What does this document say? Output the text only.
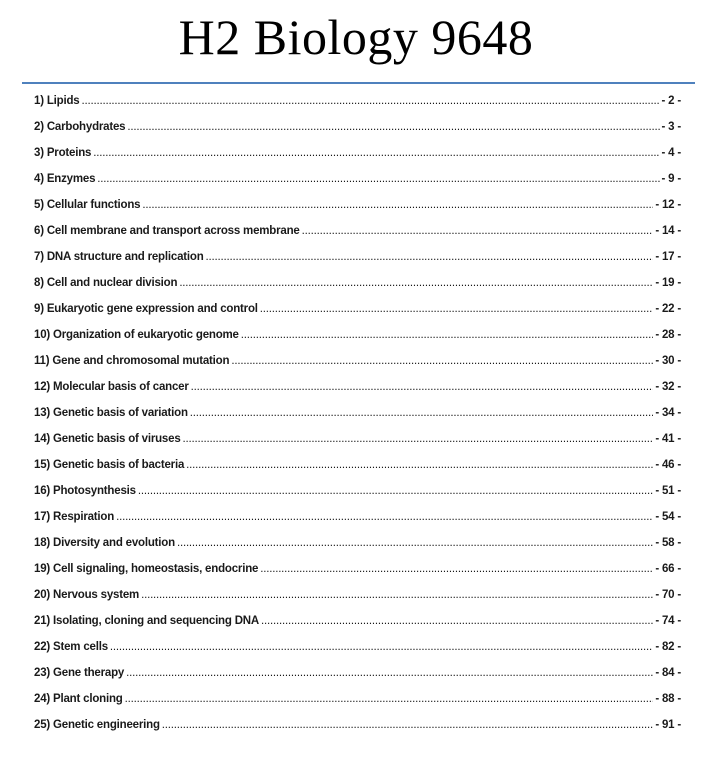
H2 Biology 9648
1) Lipids .....	- 2 -
2) Carbohydrates .....	- 3 -
3) Proteins .....	- 4 -
4) Enzymes .....	- 9 -
5) Cellular functions .....	- 12 -
6) Cell membrane and transport across membrane .....	- 14 -
7) DNA structure and replication .....	- 17 -
8) Cell and nuclear division .....	- 19 -
9) Eukaryotic gene expression and control .....	- 22 -
10) Organization of eukaryotic genome .....	- 28 -
11) Gene and chromosomal mutation .....	- 30 -
12) Molecular basis of cancer .....	- 32 -
13) Genetic basis of variation .....	- 34 -
14) Genetic basis of viruses .....	- 41 -
15) Genetic basis of bacteria .....	- 46 -
16) Photosynthesis .....	- 51 -
17) Respiration .....	- 54 -
18) Diversity and evolution .....	- 58 -
19) Cell signaling, homeostasis, endocrine .....	- 66 -
20) Nervous system .....	- 70 -
21) Isolating, cloning and sequencing DNA .....	- 74 -
22) Stem cells .....	- 82 -
23) Gene therapy .....	- 84 -
24) Plant cloning .....	- 88 -
25) Genetic engineering .....	- 91 -
